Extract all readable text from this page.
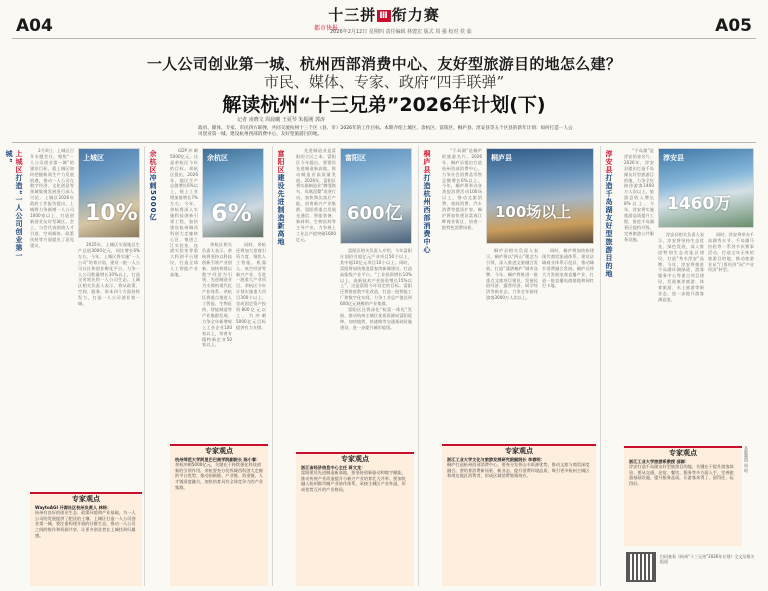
A04	A05
十三拼 Ⅲ 衔力赛
都市快报
2026年2月12日 星期四 责任编辑 林建宏 版式 周 强 校对 侯 茹
一人公司创业第一城、杭州西部消费中心、友好型旅游目的地怎么建？
市民、媒体、专家、政府“四手联弹”
解读杭州“十三兄弟”2026年计划(下)
记者 凌晓文 周晨曦 王夏琴 朱振刚 郭涛
政府、媒体、专家、市民四方联弹，共同交流杭州十三个区（县、市）2026年的工作目标。本期介绍上城区、余杭区、富阳区、桐庐县、淳安县等五个区县的新年计划：如何打造一人公司创业第一城、建设杭州西部消费中心、友好型旅游目的地。
上城区打造“一人公司创业第一城”	2月4日，上城区召开专题会议，聚焦“一人公司创业第一城”的建设目标，就上城区如何把握新质生产力发展机遇，推动一人公司在数字经济、文化创意等领域集聚发展进行深入讨论。上城区2026年政府工作报告提出，上城将力争新增一人公司1000家以上，打造创新创业友好型城区。会上，与会代表围绕人才引进、空间载体、政策扶持等方面提出了意见建议。

上城区
10%

2025年，上城区实现地区生产总值3000亿元，同比增长6%左右。今年，上城区将实施“一人公司”培育计划，建设一批一人公司社区和创业孵化平台，力争一人公司数量增长10%以上，打造全省领先的一人公司生态。上城区相关负责人表示，将从政策、空间、服务、资本四个方面持续发力，打造一人公司创业第一城。

专家观点
WaytoAGI 开源社区杭州负责人 林杨：
杭州有良好的创业生态、政策环境和产业基础，为一人公司的发展提供了肥沃的土壤。上城区打造一人公司创业第一城，要注重构建开放的社群生态，推动一人公司之间的协作和资源共享，让更多创业者在上城找到归属感。
余杭区冲刺5000亿

GDP冲刺5000亿元。这是余杭区今年的目标。余杭区提出，2026年，地区生产总值增长6%以上，规上工业增加值增长7%左右。今年，余杭将深入实施科技创新引领工程，加快建设杭州城西科创大走廊核心区，推进之江实验室、良渚实验室等重大科创平台建设，打造全球人工智能产业高地。

余杭区
6%

余杭区相关负责人表示，余杭将坚持以科技创新引领产业创新，加快构建以数字经济为引领、先进制造业为支撑的现代化产业体系。余杭区将重点推进人工智能、生物医药、智能制造等产业集群发展，力争全年新增规上工业企业100家以上，培育专精特新企业50家以上。

同时，余杭还将加大招商引资力度，聚焦人工智能、机器人、低空经济等新兴产业，引进一批重大产业项目。余杭区今年计划实施重大项目300个以上，完成固定资产投资800亿元以上，为冲刺5000亿元目标提供有力支撑。

专家观点
杭州师范大学阿里巴巴商学院副院长 陈小春：
余杭冲刺5000亿元，关键在于持续强化科技创新的引领作用。余杭要充分发挥城西科创大走廊的平台优势，推动创新链、产业链、资金链、人才链深度融合，加快培育具有全球竞争力的产业集群。
富阳区建设先进制造新高地

先进制造业是富阳的立区之本。富阳区今年提出，要建设先进制造新高地，推动制造业高质量发展。2026年，富阳区将实施制造业“腾笼换鸟、凤凰涅槃”攻坚行动，加快淘汰落后产能，培育新兴产业集群。富阳将重点发展光通信、智能装备、新材料、生物医药等主导产业，力争规上工业总产值突破1600亿元。

富阳区
600亿

富阳区相关负责人介绍，今年富阳计划招引超亿元产业项目50个以上，其中超10亿元项目10个以上。同时，富阳将加快推进富春湾新城建设，打造高能级产业平台。“工业投资增长10%以上，高新技术产业投资增长15%以上”，这是富阳今年设定的目标。富阳还将推进数字化改造，打造一批智能工厂和数字化车间，力争工业总产值达到600亿元规模的产业集群。

富阳区还将深化“杭富一体化”发展，推动杭州主城区优质资源向富阳延伸，加快地铁、快速路等交通基础设施建设，进一步提升城市能级。

专家观点
浙江省经济信息中心主任 蒋文龙：
富阳建设先进制造新高地，要坚持创新驱动和数字赋能，推动传统产业改造提升与新兴产业培育壮大并举。要加快融入杭州都市圈产业协作体系，承接主城区产业外溢，形成优势互补的产业格局。
桐庐县打造杭州西部消费中心

“千岛湖”是桐庐的旅游名片。2026年，桐庐县提出打造杭州西部消费中心，力争社会消费品零售总额增长6%以上。今年，桐庐将举办各类促消费活动100场以上，推动文旅消费、夜间消费、汽车消费等提质扩容。桐庐将加快建设富春江畔商业街区，培育一批特色消费场景。

桐庐县
100场以上

桐庐县相关负责人表示，桐庐将以“两山”理念为引领，深入推进文旅融合发展，打造“潇洒桐庐”城市品牌。今年，桐庐将推进一批重点文旅项目建设，发展民宿经济、露营经济、研学经济等新业态，力争全年接待游客3000万人次以上。

同时，桐庐将加快构建现代商贸流通体系，建设县域商业体系示范县，推动城乡消费融合发展。桐庐还将大力发展电商直播产业，打造一批直播电商基地和网红打卡地。

专家观点
浙江工业大学文化与旅游发展研究院副院长 李春明：
桐庐打造杭州西部消费中心，要充分发挥山水资源优势，推动文旅与商贸深度融合。要培育消费新场景、新业态，提升消费环境品质，吸引更多杭州主城区和周边地区消费者，形成区域消费集聚效应。
淳安县打造千岛湖友好型旅游目的地

“千岛湖”是淳安的金名片。2026年，淳安县提出打造千岛湖友好型旅游目的地，力争全年接待游客1460万人次以上，旅游总收入增长8%以上。今年，淳安将实施旅游品质提升工程，推进千岛湖景区提档升级，完善旅游公共服务设施。

淳安县
1460万

淳安县相关负责人表示，淳安将坚持生态优先、绿色发展，深入推进特别生态功能区建设，打造“秀水淳安”品牌。今年，淳安将推进千岛湖环湖绿道、游客服务中心等重点项目建设，发展康养旅游、体育旅游、水上旅游等新业态，进一步提升游客满意度。

同时，淳安将举办千岛湖秀水节、千岛湖马拉松等一系列节庆赛事活动，打造全年无休的旅游目的地，推动旅游业从“门票经济”向“产业经济”转型。

专家观点
浙江工业大学旅游系教授 邵群：
淳安打造千岛湖友好型旅游目的地，关键在于提升游客体验。要从交通、住宿、餐饮、服务等多方面入手，完善旅游基础设施，提升服务品质，让游客来得了、留得住、玩得好。
本版制图 周 昭
扫码查看《杭州“十三兄弟”2026年计划》全文及相关报道
